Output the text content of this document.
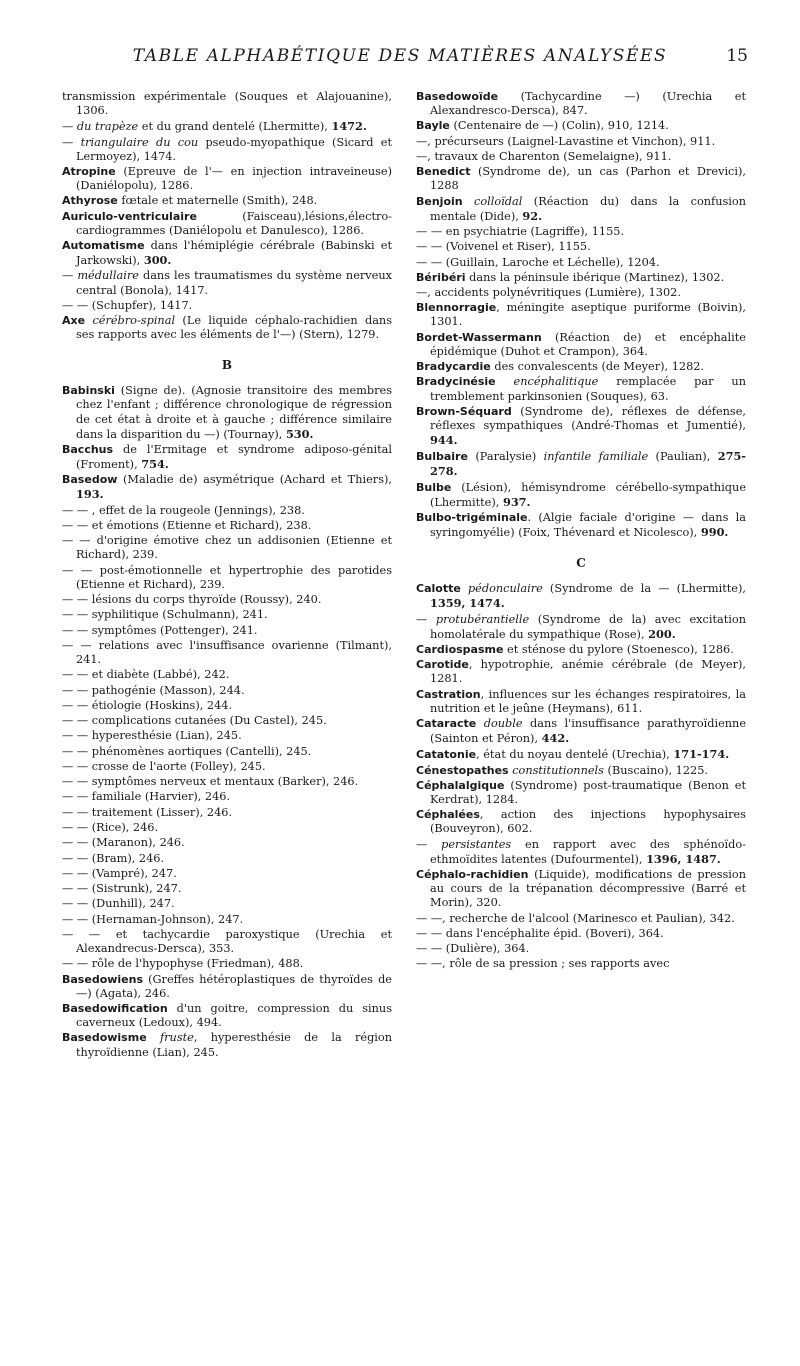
TABLE ALPHABÉTIQUE DES MATIÈRES ANALYSÉES	15
transmission expérimentale (Souques et Alajouanine), 1306.
— du trapèze et du grand dentelé (Lhermitte), 1472.
— triangulaire du cou pseudo-myopathique (Sicard et Lermoyez), 1474.
Atropine (Epreuve de l'— en injection intraveineuse) (Daniélopolu), 1286.
Athyrose fœtale et maternelle (Smith), 248.
Auriculo-ventriculaire (Faisceau),lésions,électro-cardiogrammes (Daniélopolu et Danulesco), 1286.
Automatisme dans l'hémiplégie cérébrale (Babinski et Jarkowski), 300.
— médullaire dans les traumatismes du système nerveux central (Bonola), 1417.
— — (Schupfer), 1417.
Axe cérébro-spinal (Le liquide céphalo-rachidien dans ses rapports avec les éléments de l'—) (Stern), 1279.
B
Babinski (Signe de). (Agnosie transitoire des membres chez l'enfant ; différence chronologique de régression de cet état à droite et à gauche ; différence similaire dans la disparition du —) (Tournay), 530.
Bacchus de l'Ermitage et syndrome adiposo-génital (Froment), 754.
Basedow (Maladie de) asymétrique (Achard et Thiers), 193.
— — , effet de la rougeole (Jennings), 238.
— — et émotions (Etienne et Richard), 238.
— — d'origine émotive chez un addisonien (Etienne et Richard), 239.
— — post-émotionnelle et hypertrophie des parotides (Etienne et Richard), 239.
— — lésions du corps thyroïde (Roussy), 240.
— — syphilitique (Schulmann), 241.
— — symptômes (Pottenger), 241.
— — relations avec l'insuffisance ovarienne (Tilmant), 241.
— — et diabète (Labbé), 242.
— — pathogénie (Masson), 244.
— — étiologie (Hoskins), 244.
— — complications cutanées (Du Castel), 245.
— — hyperesthésie (Lian), 245.
— — phénomènes aortiques (Cantelli), 245.
— — crosse de l'aorte (Folley), 245.
— — symptômes nerveux et mentaux (Barker), 246.
— — familiale (Harvier), 246.
— — traitement (Lisser), 246.
— — (Rice), 246.
— — (Maranon), 246.
— — (Bram), 246.
— — (Vampré), 247.
— — (Sistrunk), 247.
— — (Dunhill), 247.
— — (Hernaman-Johnson), 247.
— — et tachycardie paroxystique (Urechia et Alexandrecus-Dersca), 353.
— — rôle de l'hypophyse (Friedman), 488.
Basedowiens (Greffes hétéroplastiques de thyroïdes de —) (Agata), 246.
Basedowification d'un goitre, compression du sinus caverneux (Ledoux), 494.
Basedowisme fruste, hyperesthésie de la région thyroïdienne (Lian), 245.
Basedowoïde (Tachycardine —) (Urechia et Alexandresco-Dersca), 847.
Bayle (Centenaire de —) (Colin), 910, 1214.
—, précurseurs (Laignel-Lavastine et Vinchon), 911.
—, travaux de Charenton (Semelaigne), 911.
Benedict (Syndrome de), un cas (Parhon et Drevici), 1288
Benjoin colloïdal (Réaction du) dans la confusion mentale (Dide), 92.
— — en psychiatrie (Lagriffe), 1155.
— — (Voivenel et Riser), 1155.
— — (Guillain, Laroche et Léchelle), 1204.
Béribéri dans la péninsule ibérique (Martinez), 1302.
—, accidents polynévritiques (Lumière), 1302.
Blennorragie, méningite aseptique puriforme (Boivin), 1301.
Bordet-Wassermann (Réaction de) et encéphalite épidémique (Duhot et Crampon), 364.
Bradycardie des convalescents (de Meyer), 1282.
Bradycinésie encéphalitique remplacée par un tremblement parkinsonien (Souques), 63.
Brown-Séquard (Syndrome de), réflexes de défense, réflexes sympathiques (André-Thomas et Jumentié), 944.
Bulbaire (Paralysie) infantile familiale (Paulian), 275-278.
Bulbe (Lésion), hémisyndrome cérébello-sympathique (Lhermitte), 937.
Bulbo-trigéminale. (Algie faciale d'origine — dans la syringomyélie) (Foix, Thévenard et Nicolesco), 990.
C
Calotte pédonculaire (Syndrome de la — (Lhermitte), 1359, 1474.
— protubérantielle (Syndrome de la) avec excitation homolatérale du sympathique (Rose), 200.
Cardiospasme et sténose du pylore (Stoenesco), 1286.
Carotide, hypotrophie, anémie cérébrale (de Meyer), 1281.
Castration, influences sur les échanges respiratoires, la nutrition et le jeûne (Heymans), 611.
Cataracte double dans l'insuffisance parathyroïdienne (Sainton et Péron), 442.
Catatonie, état du noyau dentelé (Urechia), 171-174.
Cénestopathes constitutionnels (Buscaino), 1225.
Céphalalgique (Syndrome) post-traumatique (Benon et Kerdrat), 1284.
Céphalées, action des injections hypophysaires (Bouveyron), 602.
— persistantes en rapport avec des sphénoïdo-ethmoïdites latentes (Dufourmentel), 1396, 1487.
Céphalo-rachidien (Liquide), modifications de pression au cours de la trépanation décompressive (Barré et Morin), 320.
— —, recherche de l'alcool (Marinesco et Paulian), 342.
— — dans l'encéphalite épid. (Boveri), 364.
— — (Dulière), 364.
— —, rôle de sa pression ; ses rapports avec
